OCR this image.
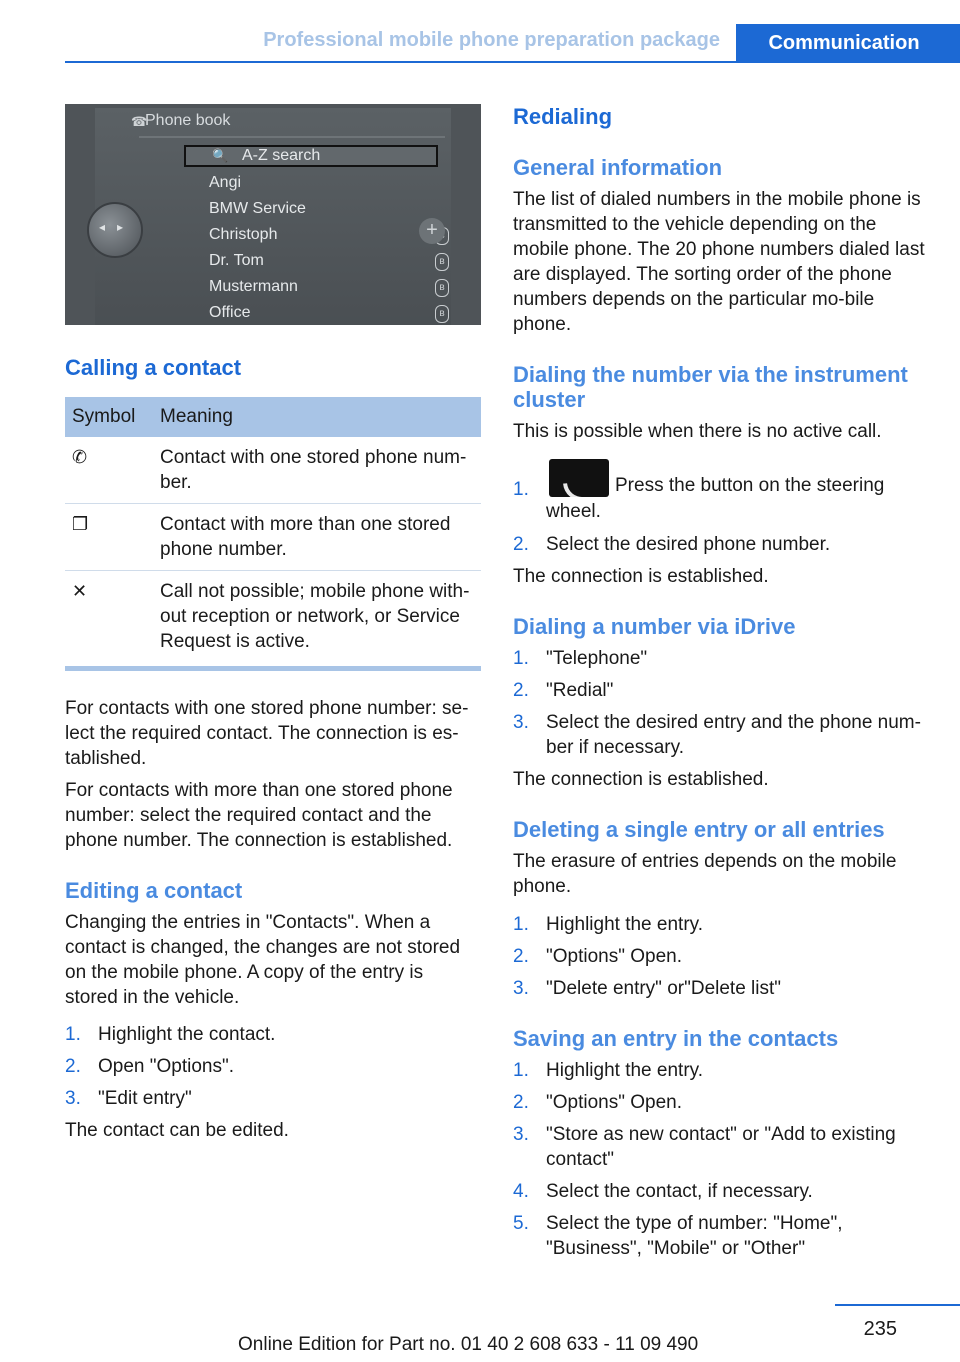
Professional mobile phone preparation package	Communication
☎
Phone book
🔍 A-Z search
Angi
BMW Service
Christoph
Dr. Tom	ʙ
Mustermann	ʙ
Office	ʙ
+
◂ ▸
Calling a contact
Symbol	Meaning
✆	Contact with one stored phone num-ber.
❐	Contact with more than one stored phone number.
✕	Call not possible; mobile phone with-out reception or network, or Service Request is active.

For contacts with one stored phone number: se-lect the required contact. The connection is es-tablished.

For contacts with more than one stored phone number: select the required contact and the phone number. The connection is established.

Editing a contact

Changing the entries in "Contacts". When a contact is changed, the changes are not stored on the mobile phone. A copy of the entry is stored in the vehicle.

1. Highlight the contact.
2. Open "Options".
3. "Edit entry"

The contact can be edited.

Redialing
General information

The list of dialed numbers in the mobile phone is transmitted to the vehicle depending on the mobile phone. The 20 phone numbers dialed last are displayed. The sorting order of the phone numbers depends on the particular mo-bile phone.

Dialing the number via the instrument cluster

This is possible when there is no active call.

1.	Press the button on the steering wheel.
2. Select the desired phone number.

The connection is established.

Dialing a number via iDrive
1. "Telephone"
2. "Redial"
3. Select the desired entry and the phone num-ber if necessary.

The connection is established.

Deleting a single entry or all entries

The erasure of entries depends on the mobile phone.

1. Highlight the entry.
2. "Options" Open.
3. "Delete entry" or"Delete list"
Saving an entry in the contacts
1. Highlight the entry.
2. "Options" Open.
3. "Store as new contact" or "Add to existing contact"
4. Select the contact, if necessary.
5. Select the type of number: "Home", "Business", "Mobile" or "Other"
235
Online Edition for Part no. 01 40 2 608 633 - 11 09 490
